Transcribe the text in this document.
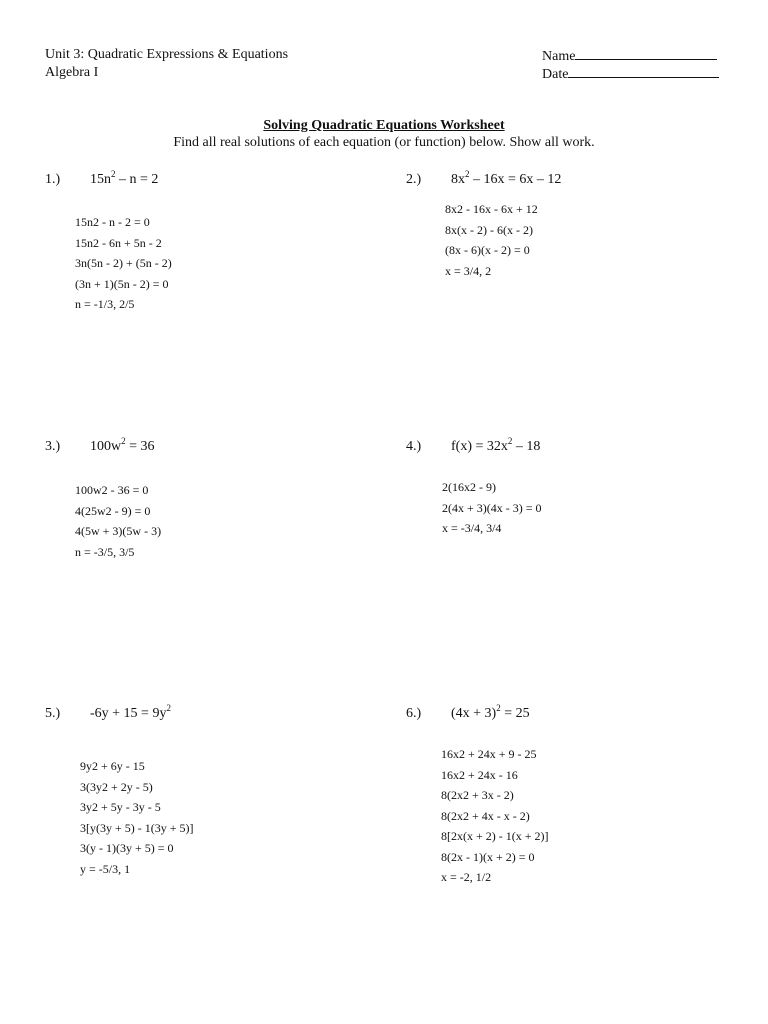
Unit 3: Quadratic Expressions & Equations
Algebra I
Name
Date
Solving Quadratic Equations Worksheet
Find all real solutions of each equation (or function) below. Show all work.
1.) $15n^2 - n = 2$
15n2 - n - 2 = 0
15n2 - 6n + 5n - 2
3n(5n - 2) + (5n - 2)
(3n + 1)(5n - 2) = 0
n = -1/3, 2/5
2.) $8x^2 - 16x = 6x - 12$
8x2 - 16x - 6x + 12
8x(x - 2) - 6(x - 2)
(8x - 6)(x - 2) = 0
x = 3/4, 2
3.) $100w^2 = 36$
100w2 - 36 = 0
4(25w2 - 9) = 0
4(5w + 3)(5w - 3)
n = -3/5, 3/5
4.) $f(x) = 32x^2 - 18$
2(16x2 - 9)
2(4x + 3)(4x - 3) = 0
x = -3/4, 3/4
5.) $-6y + 15 = 9y^2$
9y2 + 6y - 15
3(3y2 + 2y - 5)
3y2 + 5y - 3y - 5
3[y(3y + 5) - 1(3y + 5)]
3(y - 1)(3y + 5) = 0
y = -5/3, 1
6.) $(4x + 3)^2 = 25$
16x2 + 24x + 9 - 25
16x2 + 24x - 16
8(2x2 + 3x - 2)
8(2x2 + 4x - x - 2)
8[2x(x + 2) - 1(x + 2)]
8(2x - 1)(x + 2) = 0
x = -2, 1/2
